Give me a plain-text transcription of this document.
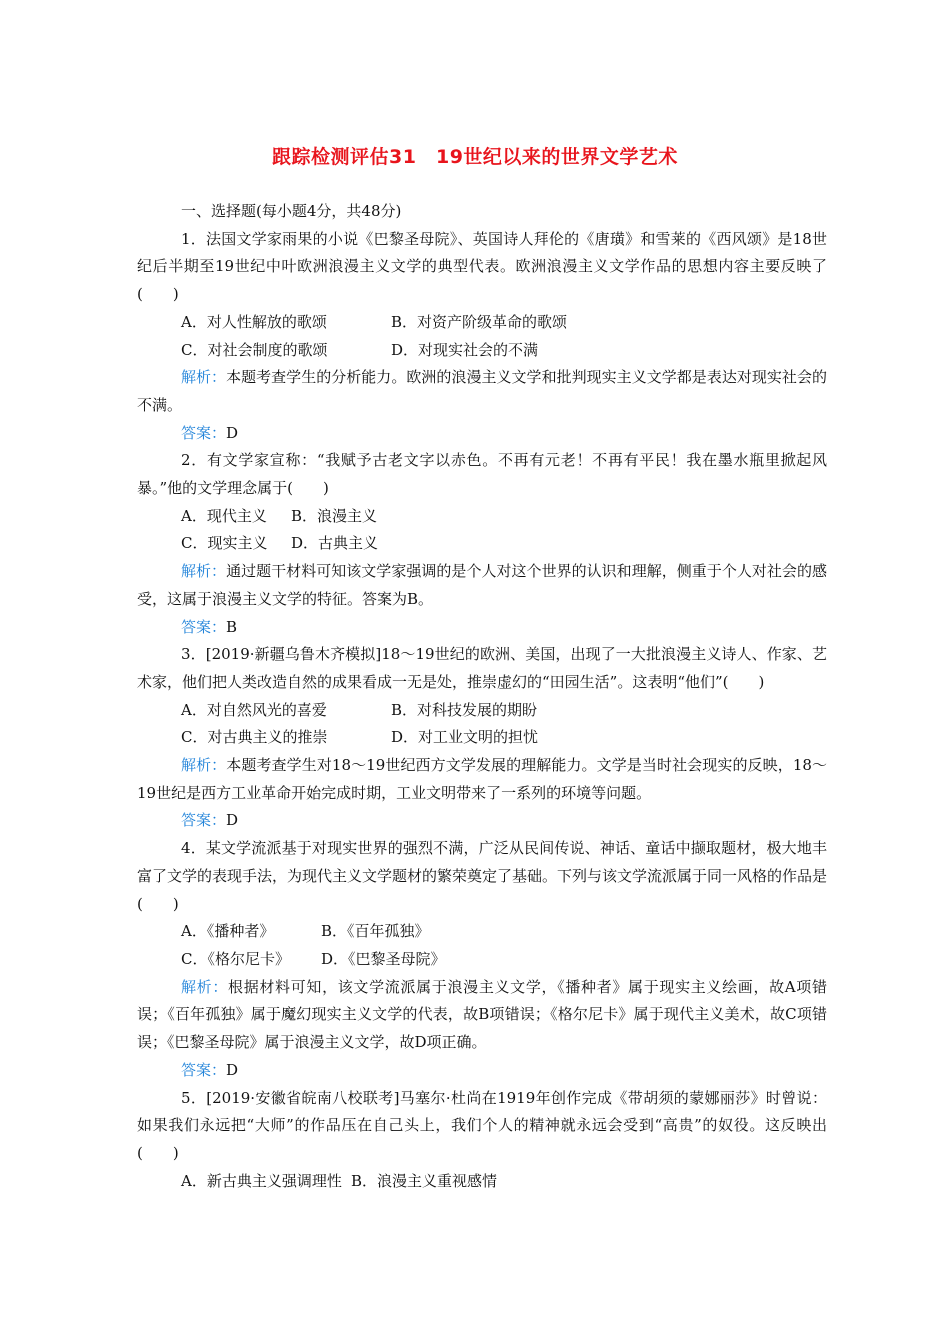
跟踪检测评估31　19世纪以来的世界文学艺术

一、选择题(每小题4分，共48分)

1．法国文学家雨果的小说《巴黎圣母院》、英国诗人拜伦的《唐璜》和雪莱的《西风颂》是18世纪后半期至19世纪中叶欧洲浪漫主义文学的典型代表。欧洲浪漫主义文学作品的思想内容主要反映了(　　)

A．对人性解放的歌颂	B．对资产阶级革命的歌颂

C．对社会制度的歌颂	D．对现实社会的不满

解析：本题考查学生的分析能力。欧洲的浪漫主义文学和批判现实主义文学都是表达对现实社会的不满。

答案：D

2．有文学家宣称：“我赋予古老文字以赤色。不再有元老！不再有平民！我在墨水瓶里掀起风暴。”他的文学理念属于(　　)

A．现代主义 B．浪漫主义

C．现实主义 D．古典主义

解析：通过题干材料可知该文学家强调的是个人对这个世界的认识和理解，侧重于个人对社会的感受，这属于浪漫主义文学的特征。答案为B。

答案：B

3．[2019·新疆乌鲁木齐模拟]18～19世纪的欧洲、美国，出现了一大批浪漫主义诗人、作家、艺术家，他们把人类改造自然的成果看成一无是处，推崇虚幻的“田园生活”。这表明“他们”(　　)

A．对自然风光的喜爱	B．对科技发展的期盼

C．对古典主义的推崇	D．对工业文明的担忧

解析：本题考查学生对18～19世纪西方文学发展的理解能力。文学是当时社会现实的反映，18～19世纪是西方工业革命开始完成时期，工业文明带来了一系列的环境等问题。

答案：D

4．某文学流派基于对现实世界的强烈不满，广泛从民间传说、神话、童话中撷取题材，极大地丰富了文学的表现手法，为现代主义文学题材的繁荣奠定了基础。下列与该文学流派属于同一风格的作品是(　　)

A．《播种者》	B．《百年孤独》

C．《格尔尼卡》 D．《巴黎圣母院》

解析：根据材料可知，该文学流派属于浪漫主义文学，《播种者》属于现实主义绘画，故A项错误；《百年孤独》属于魔幻现实主义文学的代表，故B项错误；《格尔尼卡》属于现代主义美术，故C项错误；《巴黎圣母院》属于浪漫主义文学，故D项正确。

答案：D

5．[2019·安徽省皖南八校联考]马塞尔·杜尚在1919年创作完成《带胡须的蒙娜丽莎》时曾说：如果我们永远把“大师”的作品压在自己头上，我们个人的精神就永远会受到“高贵”的奴役。这反映出(　　)

A．新古典主义强调理性 B．浪漫主义重视感情
